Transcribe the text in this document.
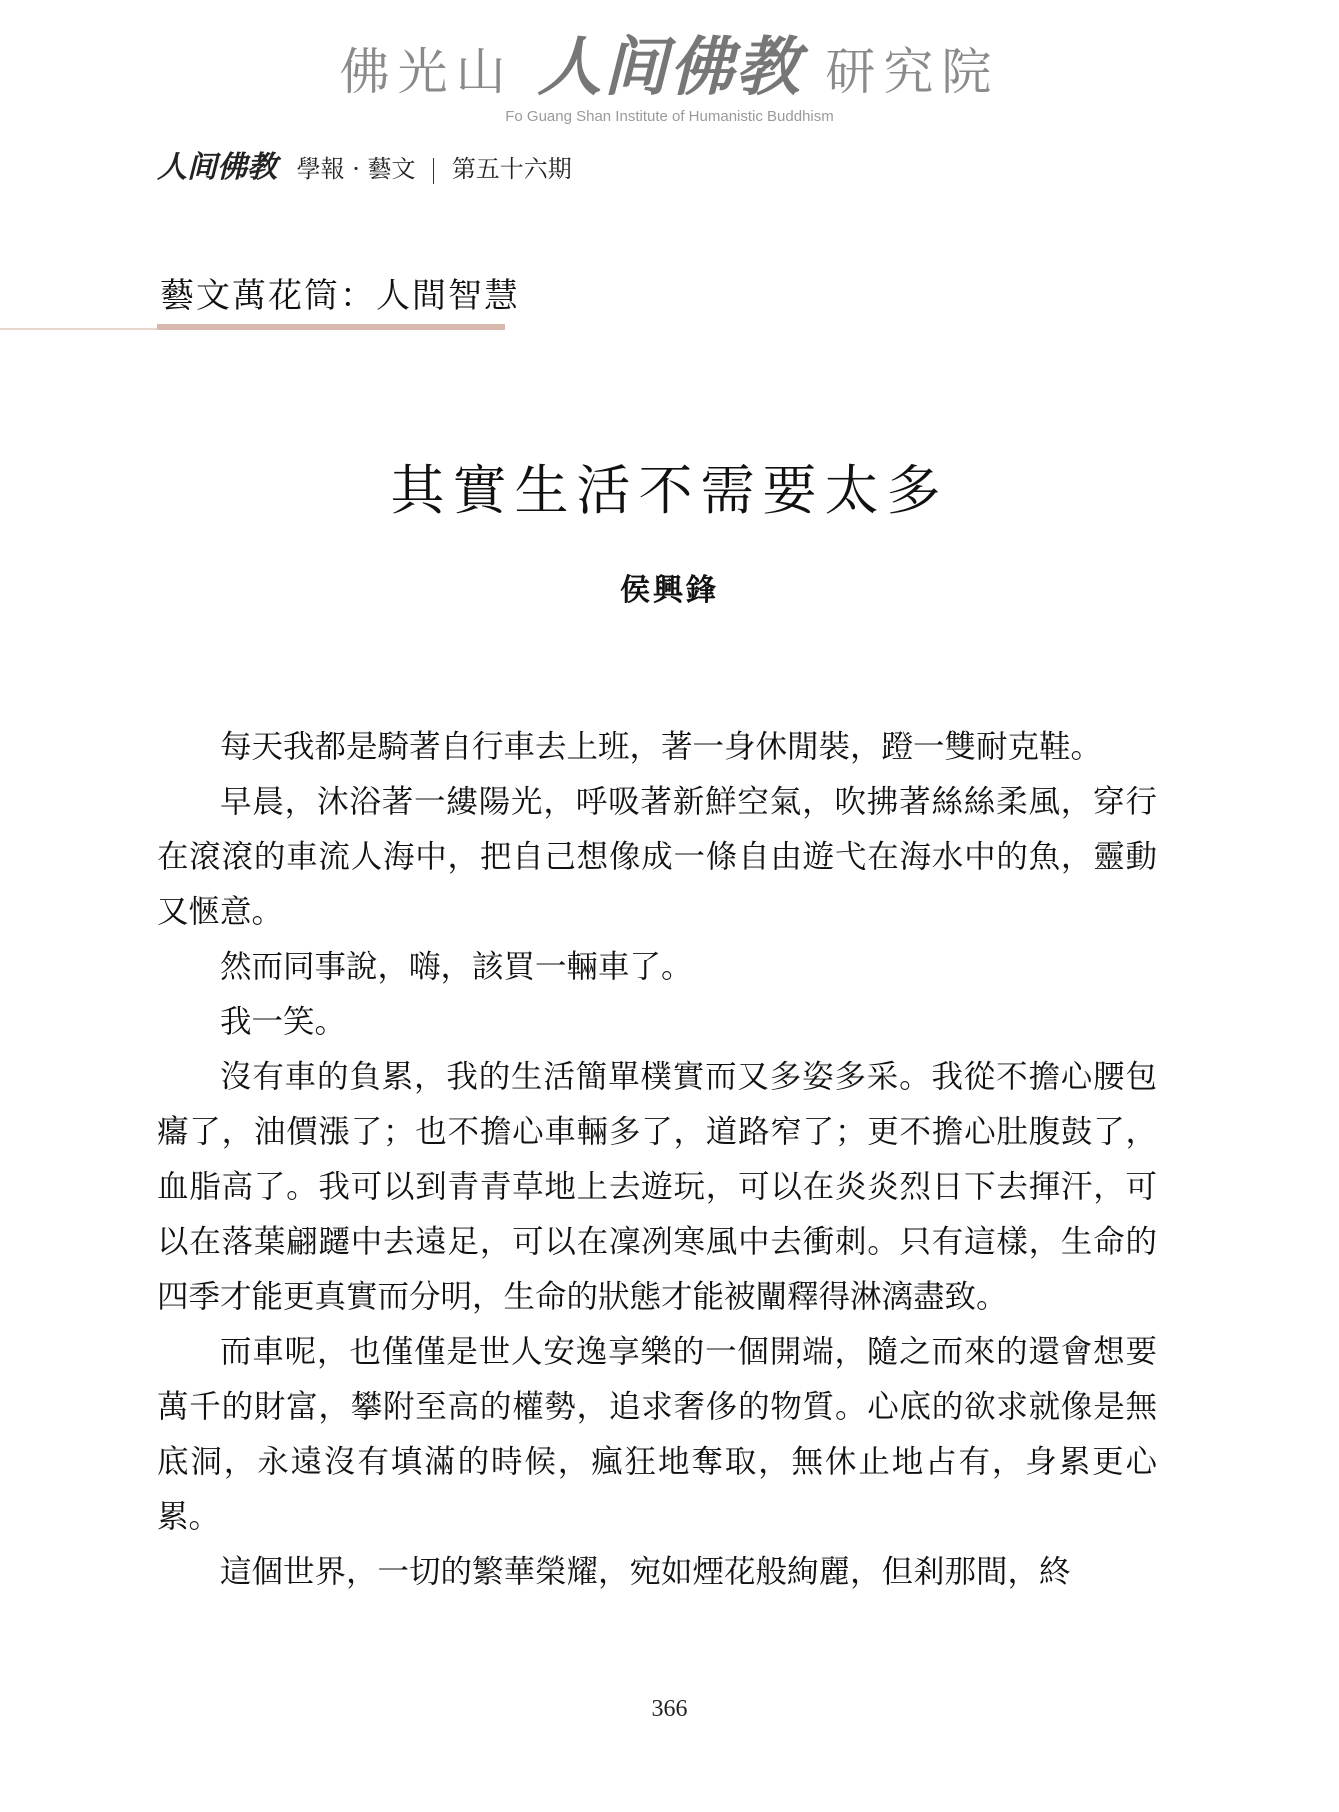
佛光山 人间佛教 研究院
Fo Guang Shan Institute of Humanistic Buddhism
人间佛教 學報 · 藝文 第五十六期
藝文萬花筒：人間智慧
其實生活不需要太多
侯興鋒

每天我都是騎著自行車去上班，著一身休閒裝，蹬一雙耐克鞋。

早晨，沐浴著一縷陽光，呼吸著新鮮空氣，吹拂著絲絲柔風，穿行在滾滾的車流人海中，把自己想像成一條自由遊弋在海水中的魚，靈動又愜意。

然而同事說，嗨，該買一輛車了。

我一笑。

沒有車的負累，我的生活簡單樸實而又多姿多采。我從不擔心腰包癟了，油價漲了；也不擔心車輛多了，道路窄了；更不擔心肚腹鼓了，血脂高了。我可以到青青草地上去遊玩，可以在炎炎烈日下去揮汗，可以在落葉翩躚中去遠足，可以在凜冽寒風中去衝刺。只有這樣，生命的四季才能更真實而分明，生命的狀態才能被闡釋得淋漓盡致。

而車呢，也僅僅是世人安逸享樂的一個開端，隨之而來的還會想要萬千的財富，攀附至高的權勢，追求奢侈的物質。心底的欲求就像是無底洞，永遠沒有填滿的時候，瘋狂地奪取，無休止地占有，身累更心累。

這個世界，一切的繁華榮耀，宛如煙花般絢麗，但剎那間，終

366
